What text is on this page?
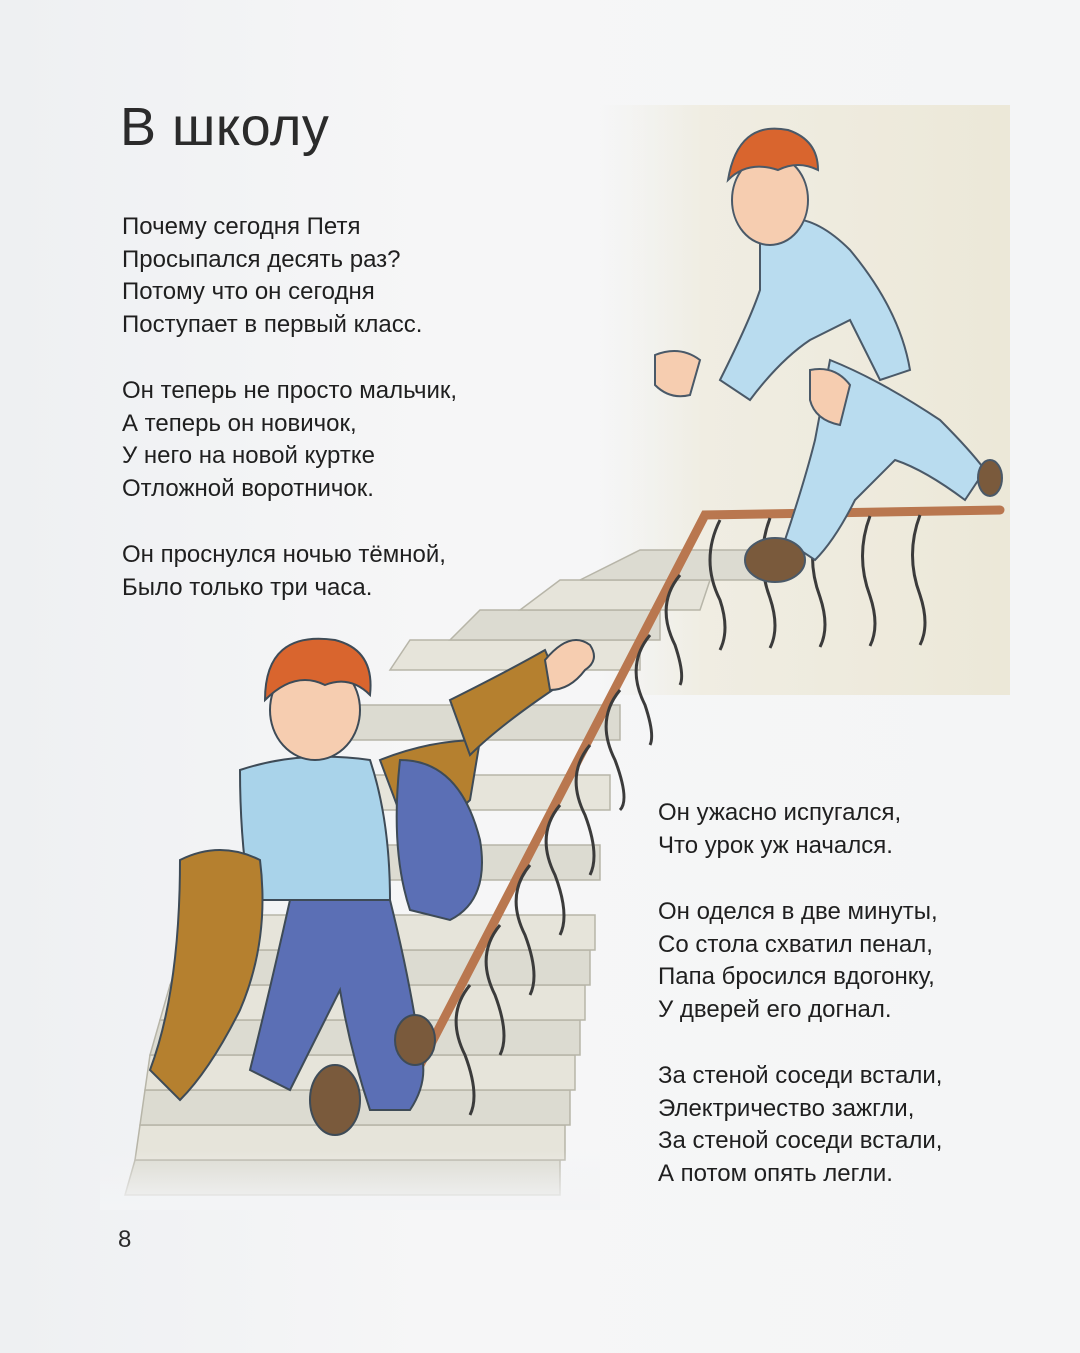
В школу

Почему сегодня Петя
Просыпался десять раз?
Потому что он сегодня
Поступает в первый класс.

Он теперь не просто мальчик,
А теперь он новичок,
У него на новой куртке
Отложной воротничок.

Он проснулся ночью тёмной,
Было только три часа.

Он ужасно испугался,
Что урок уж начался.

Он оделся в две минуты,
Со стола схватил пенал,
Папа бросился вдогонку,
У дверей его догнал.

За стеной соседи встали,
Электричество зажгли,
За стеной соседи встали,
А потом опять легли.

8
